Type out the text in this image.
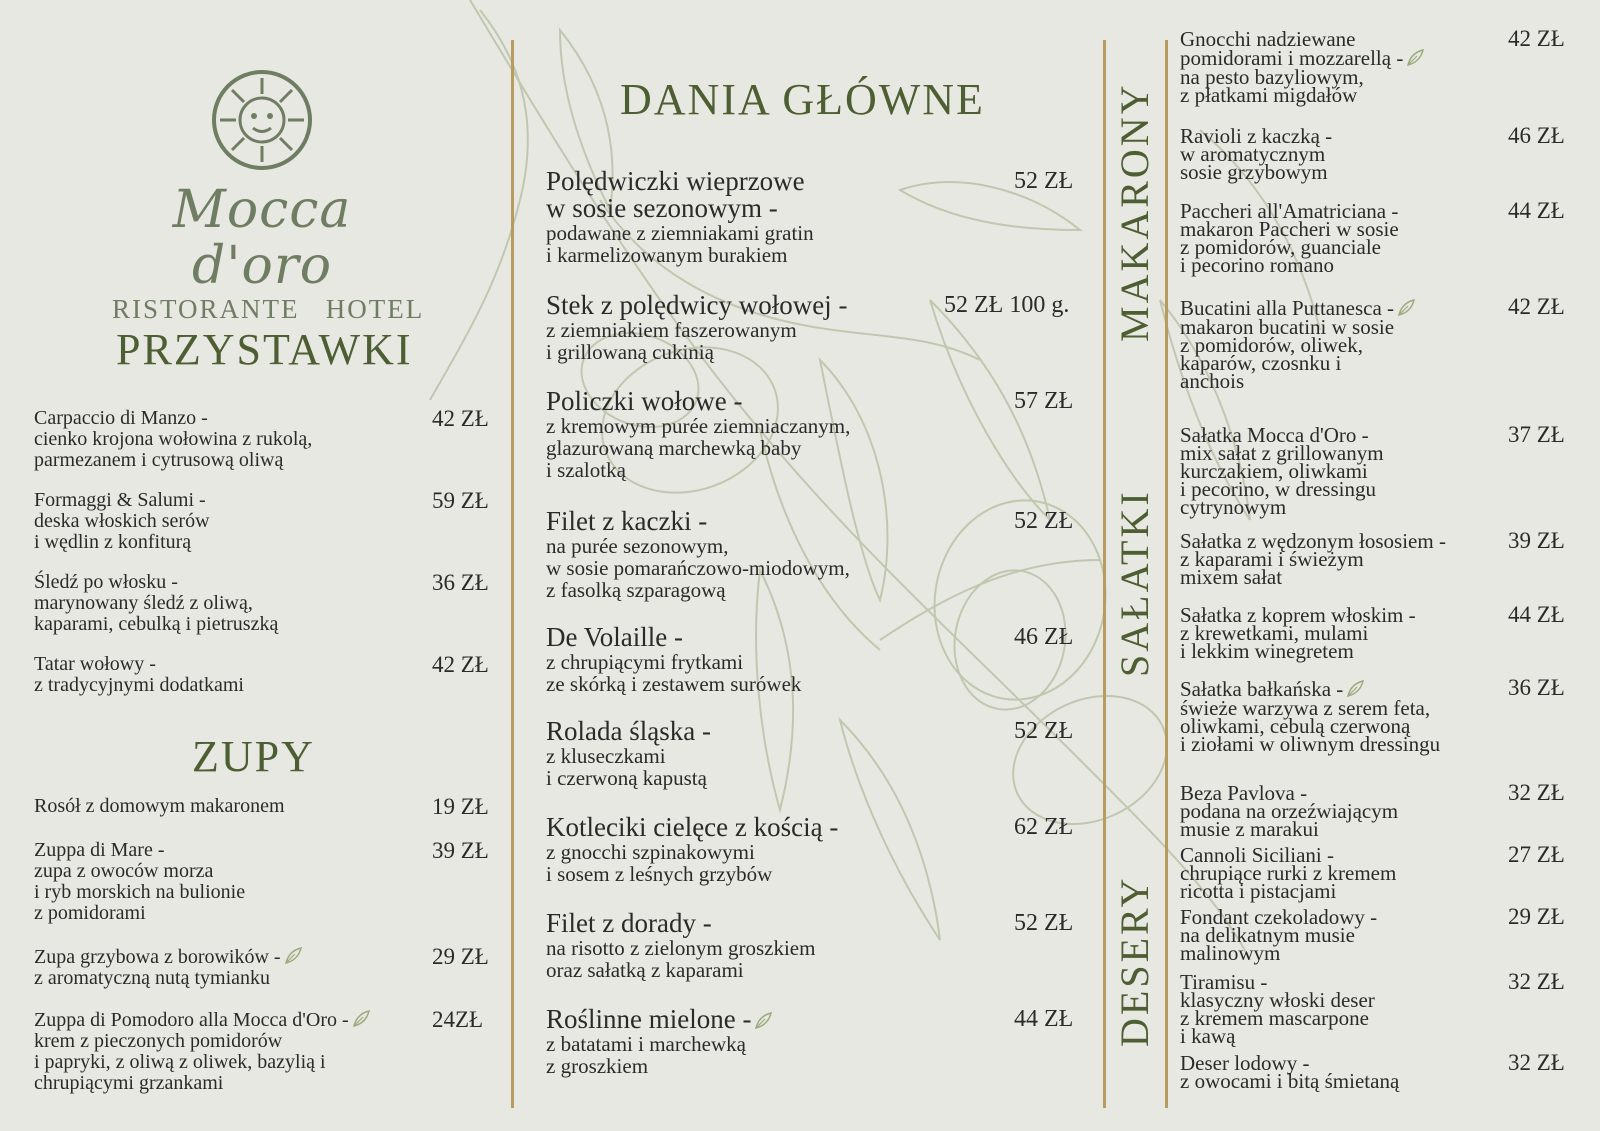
Mocca d'oro
RISTORANTE   HOTEL
PRZYSTAWKI
ZUPY
DANIA GŁÓWNE	MAKARONY
SAŁATKI
DESERY
Carpaccio di Manzo -
cienko krojona wołowina z rukolą,
parmezanem i cytrusową oliwą
42 ZŁ
Formaggi & Salumi -
deska włoskich serów
i wędlin z konfiturą
59 ZŁ
Śledź po włosku -
marynowany śledź z oliwą,
kaparami, cebulką i pietruszką
36 ZŁ
Tatar wołowy -
z tradycyjnymi dodatkami
42 ZŁ
Rosół z domowym makaronem	19 ZŁ
Zuppa di Mare -
zupa z owoców morza
i ryb morskich na bulionie
z pomidorami
39 ZŁ
Zupa grzybowa z borowików -
z aromatyczną nutą tymianku
29 ZŁ
Zuppa di Pomodoro alla Mocca d'Oro -
krem z pieczonych pomidorów
i papryki, z oliwą z oliwek, bazylią i
chrupiącymi grzankami
24ZŁ
Polędwiczki wieprzowe
w sosie sezonowym -
podawane z ziemniakami gratin
i karmelizowanym burakiem
52 ZŁ
Stek z polędwicy wołowej -
z ziemniakiem faszerowanym
i grillowaną cukinią
52 ZŁ 100 g.
Policzki wołowe -
z kremowym purée ziemniaczanym,
glazurowaną marchewką baby
i szalotką
57 ZŁ
Filet z kaczki -
na purée sezonowym,
w sosie pomarańczowo-miodowym,
z fasolką szparagową
52 ZŁ
De Volaille -
z chrupiącymi frytkami
ze skórką i zestawem surówek
46 ZŁ
Rolada śląska -
z kluseczkami
i czerwoną kapustą
52 ZŁ
Kotleciki cielęce z kością -
z gnocchi szpinakowymi
i sosem z leśnych grzybów
62 ZŁ
Filet z dorady -
na risotto z zielonym groszkiem
oraz sałatką z kaparami
52 ZŁ
Roślinne mielone -
z batatami i marchewką
z groszkiem
44 ZŁ
Gnocchi nadziewane
pomidorami i mozzarellą -
na pesto bazyliowym,
z płatkami migdałów
42 ZŁ
Ravioli z kaczką -
w aromatycznym
sosie grzybowym
46 ZŁ
Paccheri all'Amatriciana -
makaron Paccheri w sosie
z pomidorów, guanciale
i pecorino romano
44 ZŁ
Bucatini alla Puttanesca -
makaron bucatini w sosie
z pomidorów, oliwek,
kaparów, czosnku i
anchois
42 ZŁ
Sałatka Mocca d'Oro -
mix sałat z grillowanym
kurczakiem, oliwkami
i pecorino, w dressingu
cytrynowym
37 ZŁ
Sałatka z wędzonym łososiem -
z kaparami i świeżym
mixem sałat
39 ZŁ
Sałatka z koprem włoskim -
z krewetkami, mulami
i lekkim winegretem
44 ZŁ
Sałatka bałkańska -
świeże warzywa z serem feta,
oliwkami, cebulą czerwoną
i ziołami w oliwnym dressingu
36 ZŁ
Beza Pavlova -
podana na orzeźwiającym
musie z marakui
32 ZŁ
Cannoli Siciliani -
chrupiące rurki z kremem
ricotta i pistacjami
27 ZŁ
Fondant czekoladowy -
na delikatnym musie
malinowym
29 ZŁ
Tiramisu -
klasyczny włoski deser
z kremem mascarpone
i kawą
32 ZŁ
Deser lodowy -
z owocami i bitą śmietaną
32 ZŁ
